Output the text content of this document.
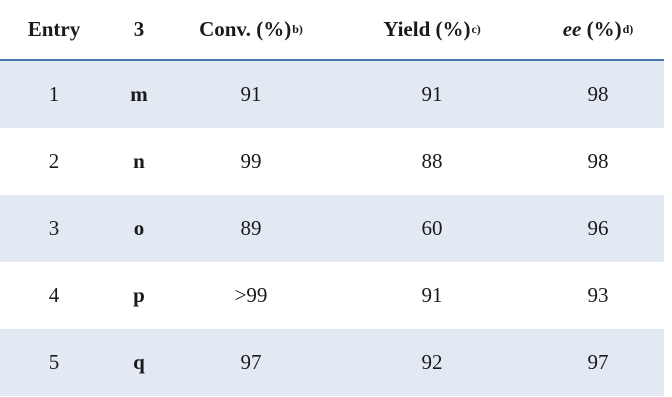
Entry	3	Conv. (%) b)	Yield (%) c)	ee (%) d)
1	m	91	91	98
2	n	99	88	98
3	o	89	60	96
4	p	>99	91	93
5	q	97	92	97
